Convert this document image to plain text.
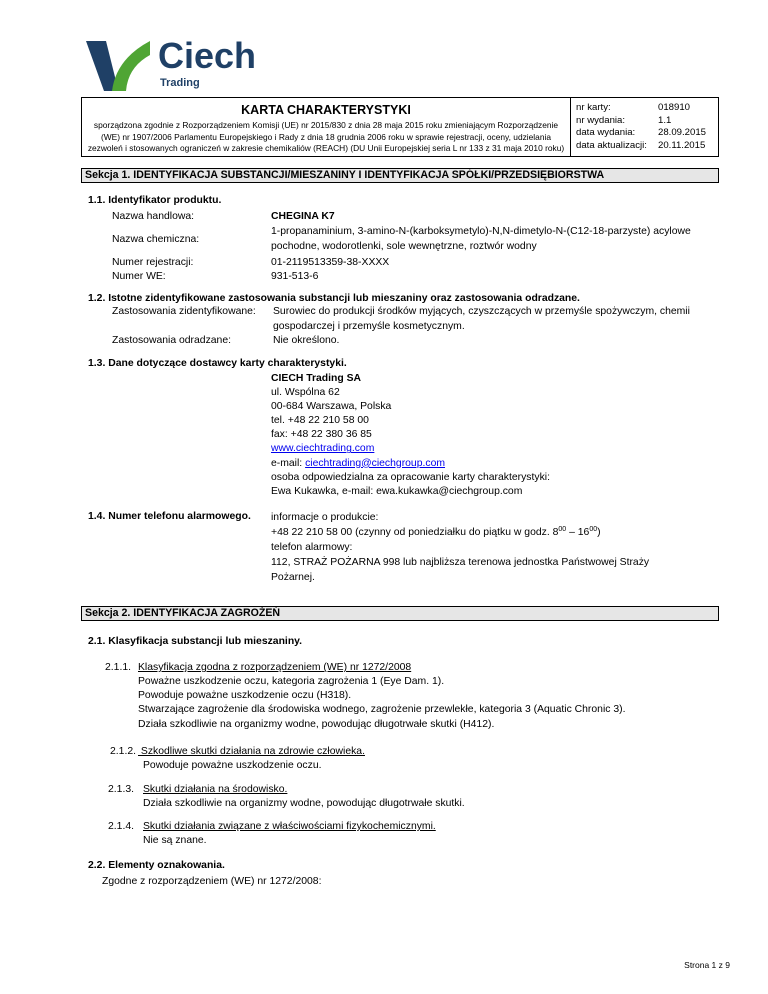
Ciech
Trading
KARTA CHARAKTERYSTYKI
sporządzona zgodnie z Rozporządzeniem Komisji (UE) nr 2015/830 z dnia 28 maja 2015 roku zmieniającym Rozporządzenie
(WE) nr 1907/2006 Parlamentu Europejskiego i Rady z dnia 18 grudnia 2006 roku w sprawie rejestracji, oceny, udzielania
zezwoleń i stosowanych ograniczeń w zakresie chemikaliów (REACH) (DU Unii Europejskiej seria L nr 133 z 31 maja 2010 roku)
nr karty:	018910
nr wydania:	1.1
data wydania:	28.09.2015
data aktualizacji:	20.11.2015
Sekcja 1. IDENTYFIKACJA SUBSTANCJI/MIESZANINY I IDENTYFIKACJA SPÓŁKI/PRZEDSIĘBIORSTWA
1.1. Identyfikator produktu.
Nazwa handlowa:	CHEGINA K7
Nazwa chemiczna:
1-propanaminium, 3-amino-N-(karboksymetylo)-N,N-dimetylo-N-(C12-18-parzyste) acylowe
pochodne, wodorotlenki, sole wewnętrzne, roztwór wodny
Numer rejestracji:	01-2119513359-38-XXXX
Numer WE:	931-513-6
1.2. Istotne zidentyfikowane zastosowania substancji lub mieszaniny oraz zastosowania odradzane.
Zastosowania zidentyfikowane: Surowiec do produkcji środków myjących, czyszczących w przemyśle spożywczym, chemii
gospodarczej i przemyśle kosmetycznym.
Zastosowania odradzane:	Nie określono.
1.3. Dane dotyczące dostawcy karty charakterystyki.
CIECH Trading SA
ul. Wspólna 62
00-684 Warszawa, Polska
tel. +48 22 210 58 00
fax: +48 22 380 36 85
www.ciechtrading.com
e-mail: ciechtrading@ciechgroup.com
osoba odpowiedzialna za opracowanie karty charakterystyki:
Ewa Kukawka, e-mail: ewa.kukawka@ciechgroup.com
1.4. Numer telefonu alarmowego. informacje o produkcie:
+48 22 210 58 00 (czynny od poniedziałku do piątku w godz. $8^{00} - 16^{00}$)
telefon alarmowy:
112, STRAŻ POŻARNA 998 lub najbliższa terenowa jednostka Państwowej Straży
Pożarnej.
Sekcja 2. IDENTYFIKACJA ZAGROŻEŃ
2.1. Klasyfikacja substancji lub mieszaniny.
2.1.1. Klasyfikacja zgodna z rozporządzeniem (WE) nr 1272/2008
Poważne uszkodzenie oczu, kategoria zagrożenia 1 (Eye Dam. 1).
Powoduje poważne uszkodzenie oczu (H318).
Stwarzające zagrożenie dla środowiska wodnego, zagrożenie przewlekłe, kategoria 3 (Aquatic Chronic 3).
Działa szkodliwie na organizmy wodne, powodując długotrwałe skutki (H412).
2.1.2. Szkodliwe skutki działania na zdrowie człowieka.
Powoduje poważne uszkodzenie oczu.
2.1.3. Skutki działania na środowisko.
Działa szkodliwie na organizmy wodne, powodując długotrwałe skutki.
2.1.4. Skutki działania związane z właściwościami fizykochemicznymi.
Nie są znane.
2.2. Elementy oznakowania.
Zgodne z rozporządzeniem (WE) nr 1272/2008:
Strona 1 z 9
